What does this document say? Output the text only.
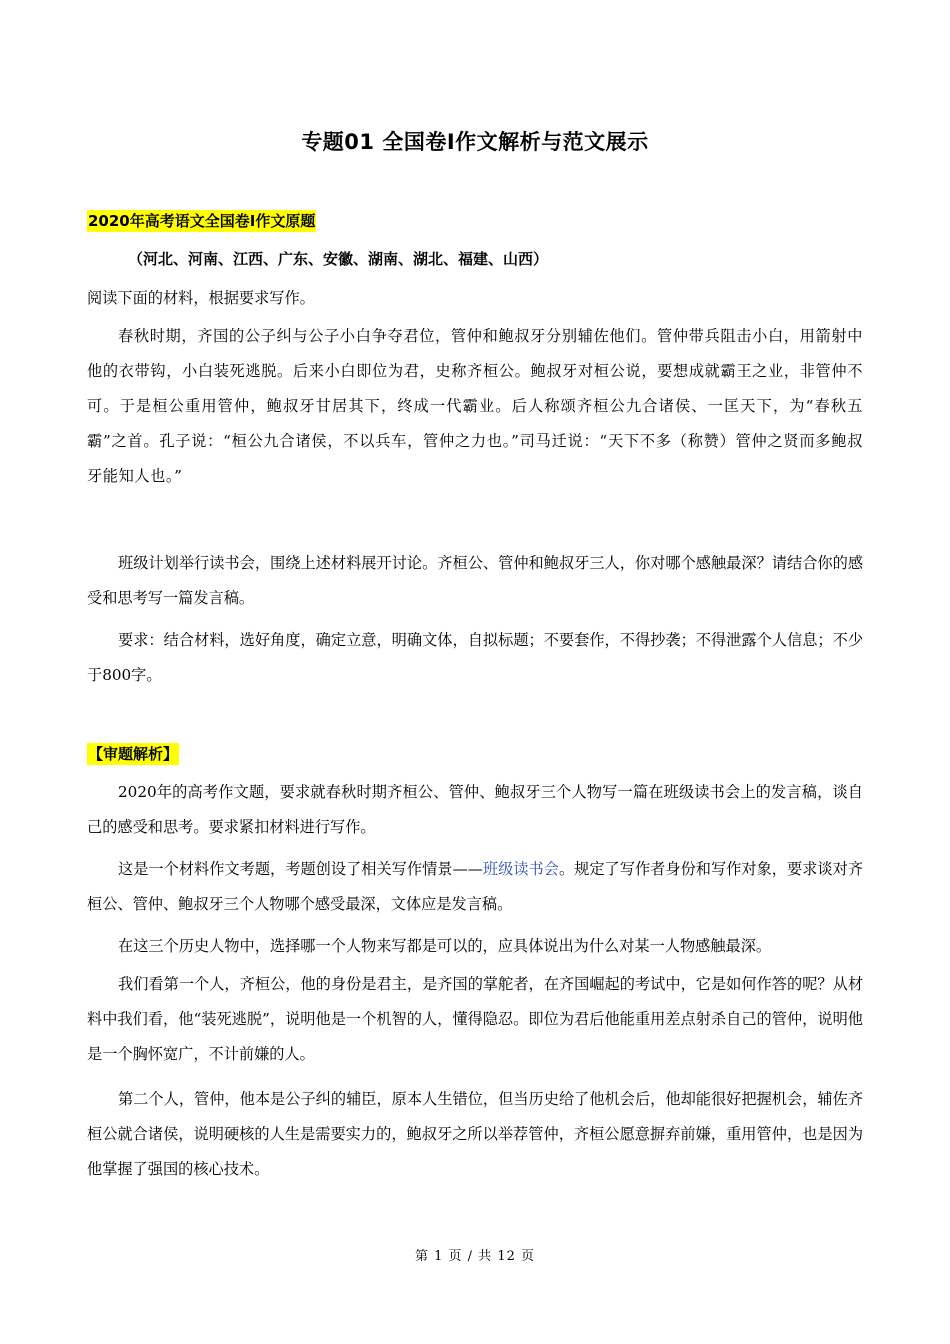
专题01 全国卷Ⅰ作文解析与范文展示
2020年高考语文全国卷Ⅰ作文原题
（河北、河南、江西、广东、安徽、湖南、湖北、福建、山西）

阅读下面的材料，根据要求写作。

春秋时期，齐国的公子纠与公子小白争夺君位，管仲和鲍叔牙分别辅佐他们。管仲带兵阻击小白，用箭射中他的衣带钩，小白装死逃脱。后来小白即位为君，史称齐桓公。鲍叔牙对桓公说，要想成就霸王之业，非管仲不可。于是桓公重用管仲，鲍叔牙甘居其下，终成一代霸业。后人称颂齐桓公九合诸侯、一匡天下，为“春秋五霸”之首。孔子说：“桓公九合诸侯，不以兵车，管仲之力也。”司马迁说：“天下不多（称赞）管仲之贤而多鲍叔牙能知人也。”

班级计划举行读书会，围绕上述材料展开讨论。齐桓公、管仲和鲍叔牙三人，你对哪个感触最深？请结合你的感受和思考写一篇发言稿。

要求：结合材料，选好角度，确定立意，明确文体，自拟标题；不要套作，不得抄袭；不得泄露个人信息；不少于800字。

【审题解析】

2020年的高考作文题，要求就春秋时期齐桓公、管仲、鲍叔牙三个人物写一篇在班级读书会上的发言稿，谈自己的感受和思考。要求紧扣材料进行写作。

这是一个材料作文考题，考题创设了相关写作情景——班级读书会。规定了写作者身份和写作对象，要求谈对齐桓公、管仲、鲍叔牙三个人物哪个感受最深，文体应是发言稿。

在这三个历史人物中，选择哪一个人物来写都是可以的，应具体说出为什么对某一人物感触最深。

我们看第一个人，齐桓公，他的身份是君主，是齐国的掌舵者，在齐国崛起的考试中，它是如何作答的呢？从材料中我们看，他“装死逃脱”，说明他是一个机智的人，懂得隐忍。即位为君后他能重用差点射杀自己的管仲，说明他是一个胸怀宽广，不计前嫌的人。

第二个人，管仲，他本是公子纠的辅臣，原本人生错位，但当历史给了他机会后，他却能很好把握机会，辅佐齐桓公就合诸侯，说明硬核的人生是需要实力的，鲍叔牙之所以举荐管仲，齐桓公愿意摒弃前嫌，重用管仲，也是因为他掌握了强国的核心技术。

第 1 页 / 共 12 页
